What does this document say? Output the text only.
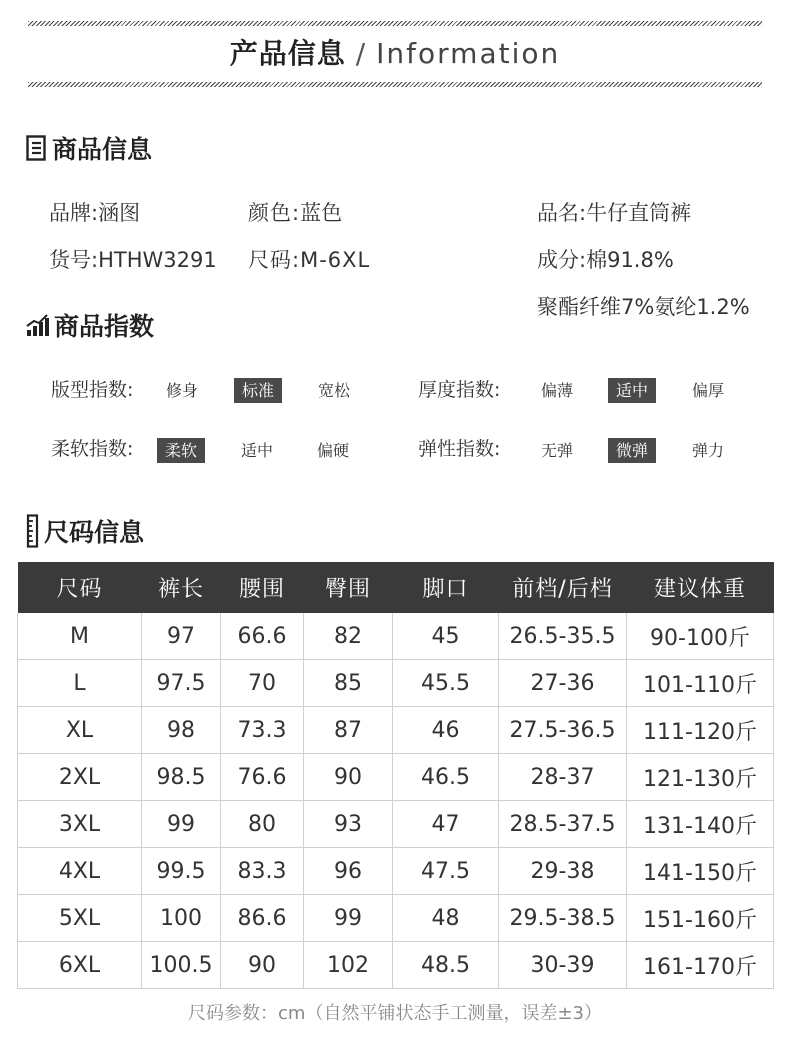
产品信息 / Information
商品信息
品牌:涵图	颜色:蓝色	品名:牛仔直筒裤
货号:HTHW3291 尺码:M-6XL	成分:棉91.8%
聚酯纤维7%氨纶1.2%
商品指数
版型指数: 修身	标准	宽松	厚度指数:	偏薄	适中	偏厚
柔软指数:	柔软	适中	偏硬	弹性指数:	无弹	微弹	弹力
尺码信息
尺码	裤长	腰围	臀围	脚口	前档/后档	建议体重
M	97	66.6	82	45	26.5-35.5	90-100斤
L	97.5	70	85	45.5	27-36	101-110斤
XL	98	73.3	87	46	27.5-36.5	111-120斤
2XL	98.5	76.6	90	46.5	28-37	121-130斤
3XL	99	80	93	47	28.5-37.5	131-140斤
4XL	99.5	83.3	96	47.5	29-38	141-150斤
5XL	100	86.6	99	48	29.5-38.5	151-160斤
6XL	100.5	90	102	48.5	30-39	161-170斤
尺码参数：cm（自然平铺状态手工测量，误差±3）
